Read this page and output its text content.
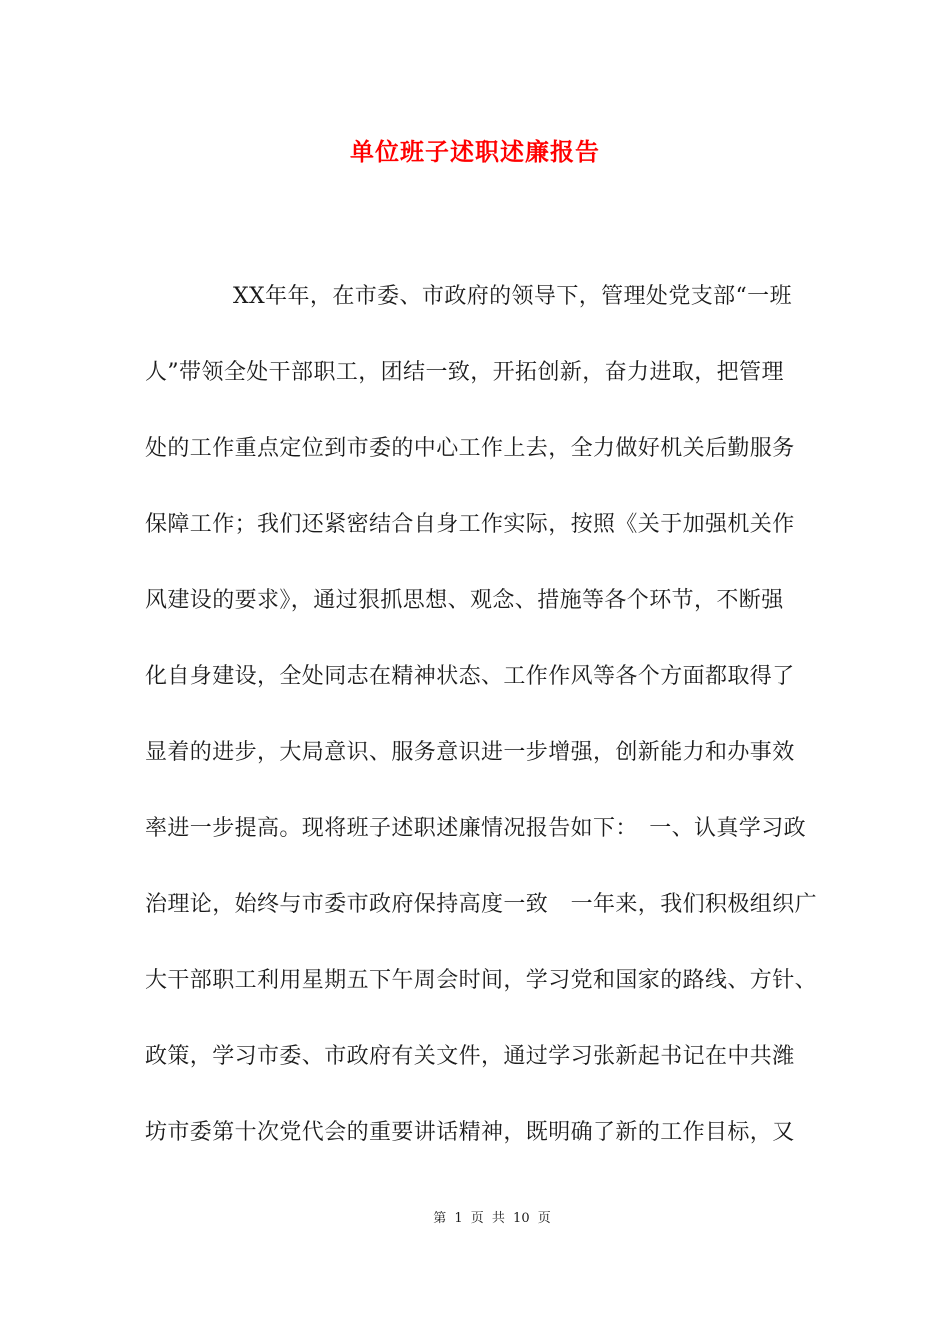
单位班子述职述廉报告
XX年年，在市委、市政府的领导下，管理处党支部“一班
人”带领全处干部职工，团结一致，开拓创新，奋力进取，把管理
处的工作重点定位到市委的中心工作上去，全力做好机关后勤服务
保障工作；我们还紧密结合自身工作实际，按照《关于加强机关作
风建设的要求》，通过狠抓思想、观念、措施等各个环节，不断强
化自身建设，全处同志在精神状态、工作作风等各个方面都取得了
显着的进步，大局意识、服务意识进一步增强，创新能力和办事效
率进一步提高。现将班子述职述廉情况报告如下：　一、认真学习政
治理论，始终与市委市政府保持高度一致　一年来，我们积极组织广
大干部职工利用星期五下午周会时间，学习党和国家的路线、方针、
政策，学习市委、市政府有关文件，通过学习张新起书记在中共潍
坊市委第十次党代会的重要讲话精神，既明确了新的工作目标，又
第 1 页 共 10 页
